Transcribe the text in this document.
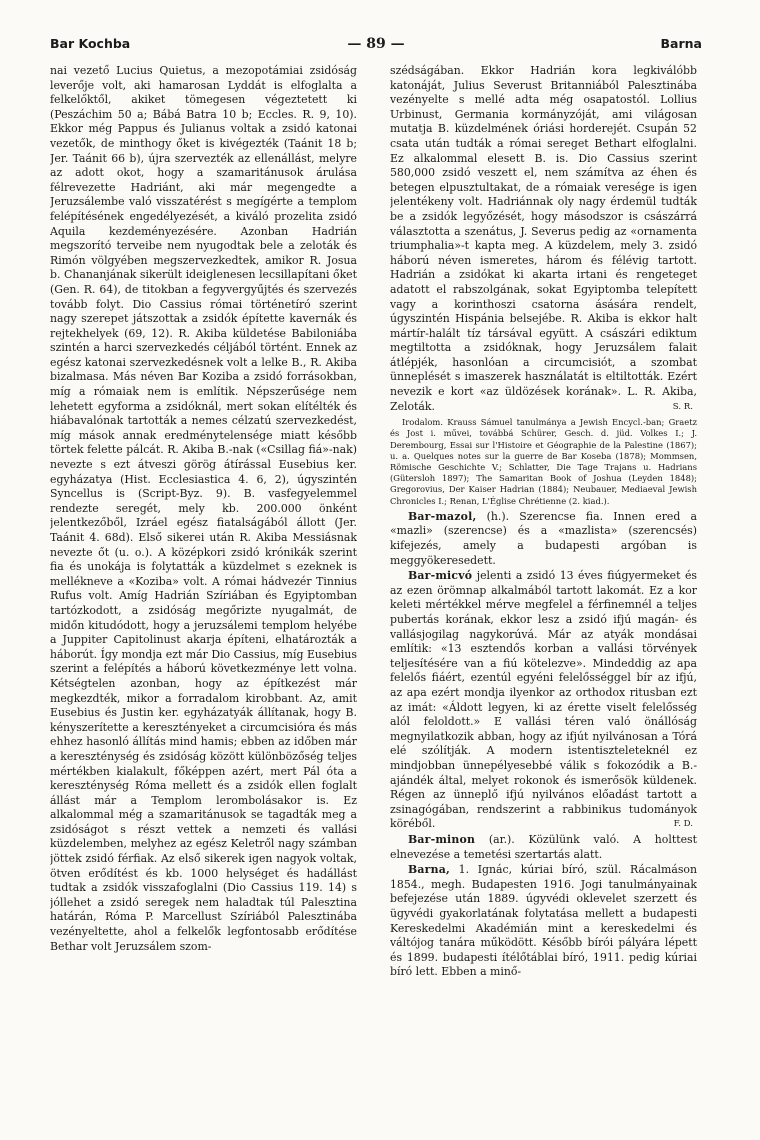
Bar Kochba	— 89 —	Barna

nai vezető Lucius Quietus, a mezopotámiai zsidóság leverője volt, aki hamarosan Lyddát is elfoglalta a felkelőktől, akiket tömegesen végeztetett ki (Peszáchim 50 a; Bábá Batra 10 b; Eccles. R. 9, 10). Ekkor még Pappus és Julianus voltak a zsidó katonai vezetők, de minthogy őket is kivégezték (Taánit 18 b; Jer. Taánit 66 b), újra szervezték az ellenállást, melyre az adott okot, hogy a szamaritánusok árulása félrevezette Hadriánt, aki már megengedte a Jeruzsálembe való visszatérést s megígérte a templom felépítésének engedélyezését, a kiváló prozelita zsidó Aquila kezdeményezésére. Azonban Hadrián megszorító terveibe nem nyugodtak bele a zeloták és Rimón völgyében megszervezkedtek, amikor R. Josua b. Chananjának sikerült ideiglenesen lecsillapítani őket (Gen. R. 64), de titokban a fegyvergyűjtés és szervezés tovább folyt. Dio Cassius római történetíró szerint nagy szerepet játszottak a zsidók építette kavernák és rejtekhelyek (69, 12). R. Akiba küldetése Babiloniába szintén a harci szervezkedés céljából történt. Ennek az egész katonai szervezkedésnek volt a lelke B., R. Akiba bizalmasa. Más néven Bar Koziba a zsidó forrásokban, míg a rómaiak nem is említik. Népszerűsége nem lehetett egyforma a zsidóknál, mert sokan elítélték és hiábavalónak tartották a nemes célzatú szervezkedést, míg mások annak eredménytelensége miatt később törtek felette pálcát. R. Akiba B.-nak («Csillag fiá»-nak) nevezte s ezt átveszi görög átírással Eusebius ker. egyházatya (Hist. Ecclesiastica 4. 6, 2), úgyszintén Syncellus is (Script-Byz. 9). B. vasfegyelemmel rendezte seregét, mely kb. 200.000 önként jelentkezőből, Izráel egész fiatalságából állott (Jer. Taánit 4. 68d). Első sikerei után R. Akiba Messiásnak nevezte őt (u. o.). A középkori zsidó krónikák szerint fia és unokája is folytatták a küzdelmet s ezeknek is mellékneve a «Koziba» volt. A római hádvezér Tinnius Rufus volt. Amíg Hadrián Szíriában és Egyiptomban tartózkodott, a zsidóság megőrizte nyugalmát, de midőn kitudódott, hogy a jeruzsálemi templom helyébe a Juppiter Capitolinust akarja építeni, elhatározták a háborút. Így mondja ezt már Dio Cassius, míg Eusebius szerint a felépítés a háború következménye lett volna. Kétségtelen azonban, hogy az építkezést már megkezdték, mikor a forradalom kirobbant. Az, amit Eusebius és Justin ker. egyházatyák állítanak, hogy B. kényszerítette a keresztényeket a circumcisióra és más ehhez hasonló állítás mind hamis; ebben az időben már a kereszténység és zsidóság között különbözőség teljes mértékben kialakult, főképpen azért, mert Pál óta a kereszténység Róma mellett és a zsidók ellen foglalt állást már a Templom lerombolásakor is. Ez alkalommal még a szamaritánusok se tagadták meg a zsidóságot s részt vettek a nemzeti és vallási küzdelemben, melyhez az egész Keletről nagy számban jöttek zsidó férfiak. Az első sikerek igen nagyok voltak, ötven erődítést és kb. 1000 helységet és hadállást tudtak a zsidók visszafoglalni (Dio Cassius 119. 14) s jóllehet a zsidó seregek nem haladtak túl Palesztina határán, Róma P. Marcellust Szíriából Palesztinába vezényeltette, ahol a felkelők legfontosabb erődítése Bethar volt Jeruzsálem szom-

szédságában. Ekkor Hadrián kora legkiválóbb katonáját, Julius Severust Britanniából Palesztinába vezényelte s mellé adta még osapatostól. Lollius Urbinust, Germania kormányzóját, ami világosan mutatja B. küzdelmének óriási horderejét. Csupán 52 csata után tudták a római sereget Bethart elfoglalni. Ez alkalommal elesett B. is. Dio Cassius szerint 580,000 zsidó veszett el, nem számítva az éhen és betegen elpusztultakat, de a rómaiak veresége is igen jelentékeny volt. Hadriánnak oly nagy érdemül tudták be a zsidók legyőzését, hogy másodszor is császárrá választotta a szenátus, J. Severus pedig az «ornamenta triumphalia»-t kapta meg. A küzdelem, mely 3. zsidó háború néven ismeretes, három és félévig tartott. Hadrián a zsidókat ki akarta irtani és rengeteget adatott el rabszolgának, sokat Egyiptomba telepített vagy a korinthoszi csatorna ásására rendelt, úgyszintén Hispánia belsejébe. R. Akiba is ekkor halt mártír-halált tíz társával együtt. A császári ediktum megtiltotta a zsidóknak, hogy Jeruzsálem falait átlépjék, hasonlóan a circumcisiót, a szombat ünneplését s imaszerek használatát is eltiltották. Ezért nevezik e kort «az üldözések korának». L. R. Akiba, Zeloták.	S. R.

Irodalom. Krauss Sámuel tanulmánya a Jewish Encycl.-ban; Graetz és Jost i. művei, továbbá Schürer, Gesch. d. jüd. Volkes I.; J. Derembourg, Essai sur l'Histoire et Géographie de la Palestine (1867); u. a. Quelques notes sur la guerre de Bar Koseba (1878); Mommsen, Römische Geschichte V.; Schlatter, Die Tage Trajans u. Hadrians (Gütersloh 1897); The Samaritan Book of Joshua (Leyden 1848); Gregorovius, Der Kaiser Hadrian (1884); Neubauer, Mediaeval Jewish Chronicles I.; Renan, L'Église Chrétienne (2. kiad.).

Bar-mazol, (h.). Szerencse fia. Innen ered a «mazli» (szerencse) és a «mazlista» (szerencsés) kifejezés, amely a budapesti argóban is meggyökeresedett.

Bar-micvó jelenti a zsidó 13 éves fiúgyermeket és az ezen örömnap alkalmából tartott lakomát. Ez a kor keleti mértékkel mérve megfelel a férfinemnél a teljes pubertás korának, ekkor lesz a zsidó ifjú magán- és vallásjogilag nagykorúvá. Már az atyák mondásai említik: «13 esztendős korban a vallási törvények teljesítésére van a fiú kötelezve». Mindeddig az apa felelős fiáért, ezentúl egyéni felelősséggel bír az ifjú, az apa ezért mondja ilyenkor az orthodox ritusban ezt az imát: «Áldott legyen, ki az érette viselt felelősség alól feloldott.» E vallási téren való önállóság megnyilatkozik abban, hogy az ifjút nyilvánosan a Tórá elé szólítják. A modern istentiszteleteknél ez mindjobban ünnepélyesebbé válik s fokozódik a B.-ajándék által, melyet rokonok és ismerősök küldenek. Régen az ünneplő ifjú nyilvános előadást tartott a zsinagógában, rendszerint a rabbinikus tudományok köréből.	F. D.

Bar-minon (ar.). Közülünk való. A holttest elnevezése a temetési szertartás alatt.

Barna, 1. Ignác, kúriai bíró, szül. Rácalmáson 1854., megh. Budapesten 1916. Jogi tanulmányainak befejezése után 1889. úgyvédi oklevelet szerzett és ügyvédi gyakorlatának folytatása mellett a budapesti Kereskedelmi Akadémián mint a kereskedelmi és váltójog tanára működött. Később bírói pályára lépett és 1899. budapesti ítélőtáblai bíró, 1911. pedig kúriai bíró lett. Ebben a minő-
